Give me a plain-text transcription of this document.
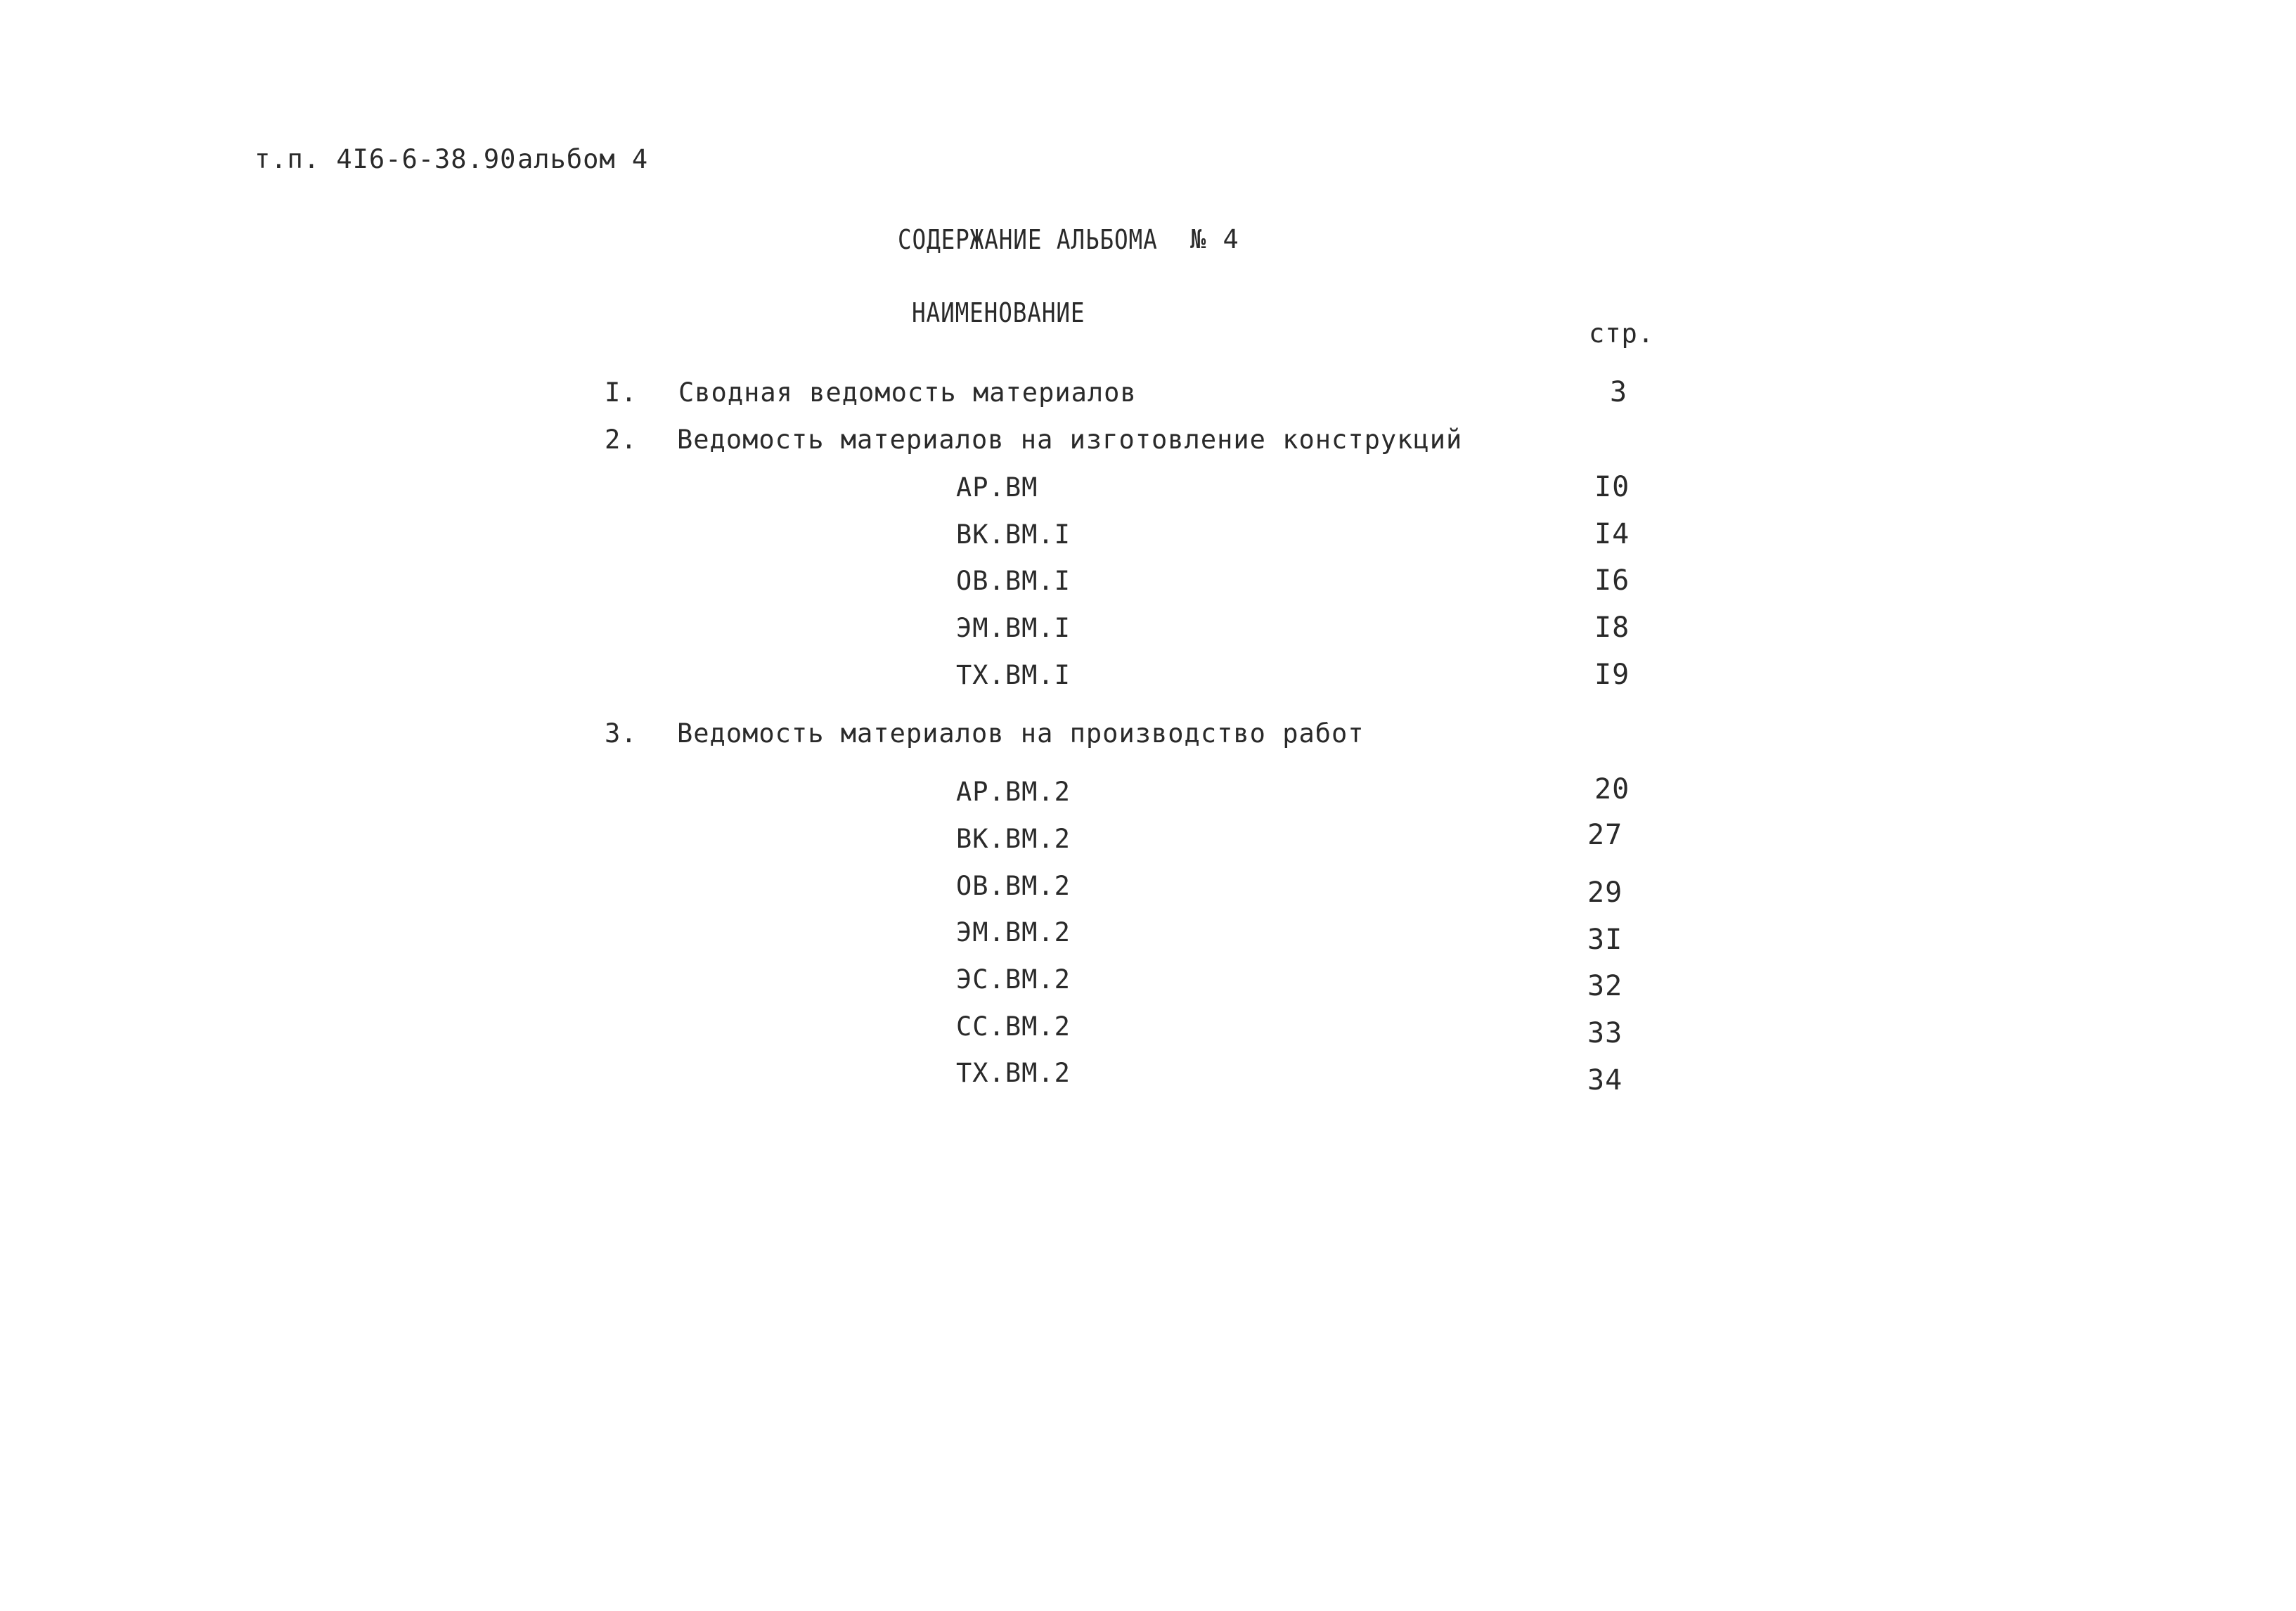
т.п. 4I6-6-38.90 альбом 4
СОДЕРЖАНИЕ АЛЬБОМА № 4
НАИМЕНОВАНИЕ
стр.
I. Сводная ведомость материалов	3
2. Ведомость материалов на изготовление конструкций
АР.ВМ	I0
ВК.ВМ.I	I4
ОВ.ВМ.I	I6
ЭМ.ВМ.I	I8
ТХ.ВМ.I	I9
3. Ведомость материалов на производство работ
АР.ВМ.2	20
ВК.ВМ.2	27
ОВ.ВМ.2	29
ЭМ.ВМ.2	3I
ЭС.ВМ.2	32
СС.ВМ.2	33
ТХ.ВМ.2	34
